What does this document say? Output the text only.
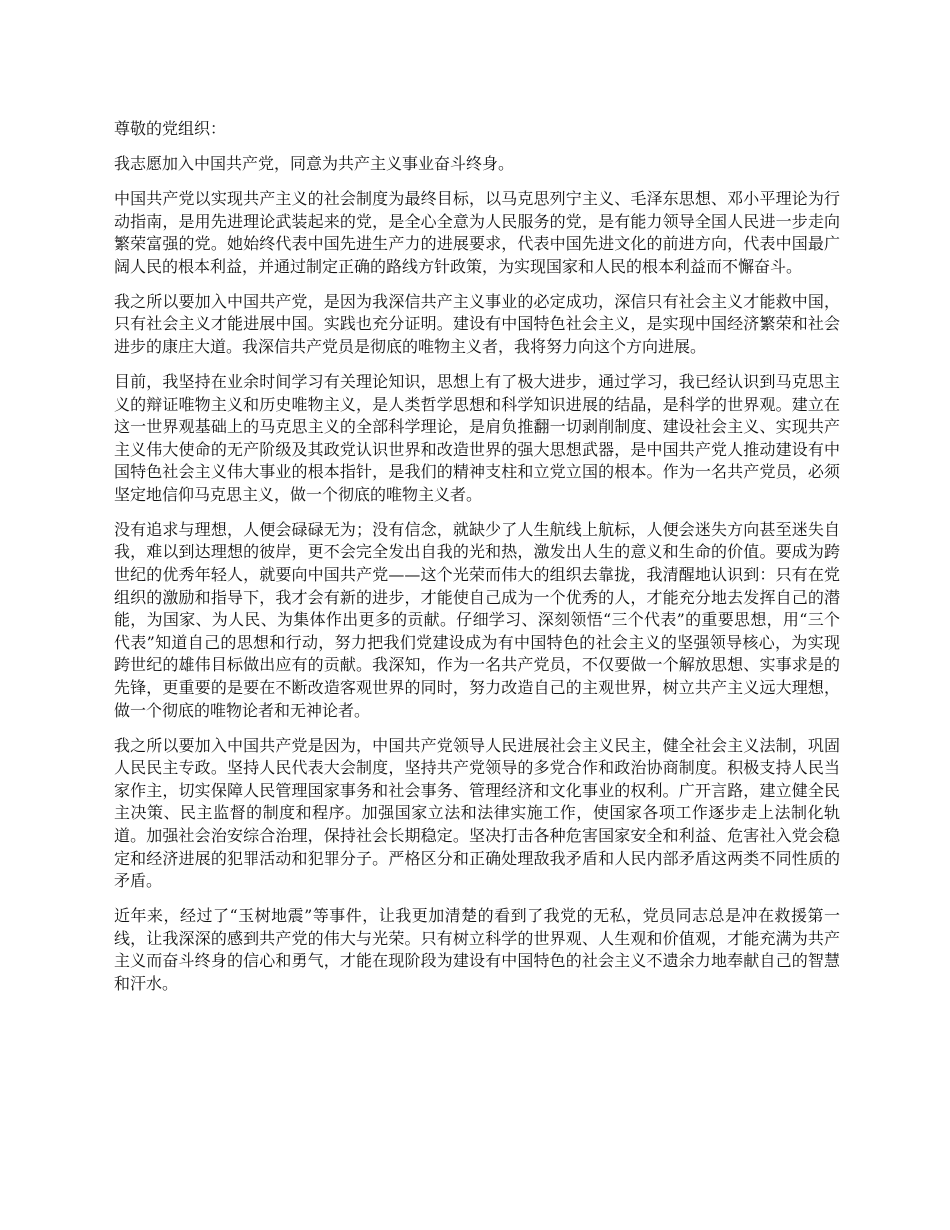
尊敬的党组织：

我志愿加入中国共产党，同意为共产主义事业奋斗终身。

中国共产党以实现共产主义的社会制度为最终目标，以马克思列宁主义、毛泽东思想、邓小平理论为行动指南，是用先进理论武装起来的党，是全心全意为人民服务的党，是有能力领导全国人民进一步走向繁荣富强的党。她始终代表中国先进生产力的进展要求，代表中国先进文化的前进方向，代表中国最广阔人民的根本利益，并通过制定正确的路线方针政策，为实现国家和人民的根本利益而不懈奋斗。

我之所以要加入中国共产党，是因为我深信共产主义事业的必定成功，深信只有社会主义才能救中国，只有社会主义才能进展中国。实践也充分证明。建设有中国特色社会主义，是实现中国经济繁荣和社会进步的康庄大道。我深信共产党员是彻底的唯物主义者，我将努力向这个方向进展。

目前，我坚持在业余时间学习有关理论知识，思想上有了极大进步，通过学习，我已经认识到马克思主义的辩证唯物主义和历史唯物主义，是人类哲学思想和科学知识进展的结晶，是科学的世界观。建立在这一世界观基础上的马克思主义的全部科学理论，是肩负推翻一切剥削制度、建设社会主义、实现共产主义伟大使命的无产阶级及其政党认识世界和改造世界的强大思想武器，是中国共产党人推动建设有中国特色社会主义伟大事业的根本指针，是我们的精神支柱和立党立国的根本。作为一名共产党员，必须坚定地信仰马克思主义，做一个彻底的唯物主义者。

没有追求与理想，人便会碌碌无为；没有信念，就缺少了人生航线上航标，人便会迷失方向甚至迷失自我，难以到达理想的彼岸，更不会完全发出自我的光和热，激发出人生的意义和生命的价值。要成为跨世纪的优秀年轻人，就要向中国共产党——这个光荣而伟大的组织去靠拢，我清醒地认识到：只有在党组织的激励和指导下，我才会有新的进步，才能使自己成为一个优秀的人，才能充分地去发挥自己的潜能，为国家、为人民、为集体作出更多的贡献。仔细学习、深刻领悟“三个代表”的重要思想，用“三个代表”知道自己的思想和行动，努力把我们党建设成为有中国特色的社会主义的坚强领导核心，为实现跨世纪的雄伟目标做出应有的贡献。我深知，作为一名共产党员，不仅要做一个解放思想、实事求是的先锋，更重要的是要在不断改造客观世界的同时，努力改造自己的主观世界，树立共产主义远大理想，做一个彻底的唯物论者和无神论者。

我之所以要加入中国共产党是因为，中国共产党领导人民进展社会主义民主，健全社会主义法制，巩固人民民主专政。坚持人民代表大会制度，坚持共产党领导的多党合作和政治协商制度。积极支持人民当家作主，切实保障人民管理国家事务和社会事务、管理经济和文化事业的权利。广开言路，建立健全民主决策、民主监督的制度和程序。加强国家立法和法律实施工作，使国家各项工作逐步走上法制化轨道。加强社会治安综合治理，保持社会长期稳定。坚决打击各种危害国家安全和利益、危害社入党会稳定和经济进展的犯罪活动和犯罪分子。严格区分和正确处理敌我矛盾和人民内部矛盾这两类不同性质的矛盾。

近年来，经过了“玉树地震”等事件，让我更加清楚的看到了我党的无私，党员同志总是冲在救援第一线，让我深深的感到共产党的伟大与光荣。只有树立科学的世界观、人生观和价值观，才能充满为共产主义而奋斗终身的信心和勇气，才能在现阶段为建设有中国特色的社会主义不遗余力地奉献自己的智慧和汗水。
